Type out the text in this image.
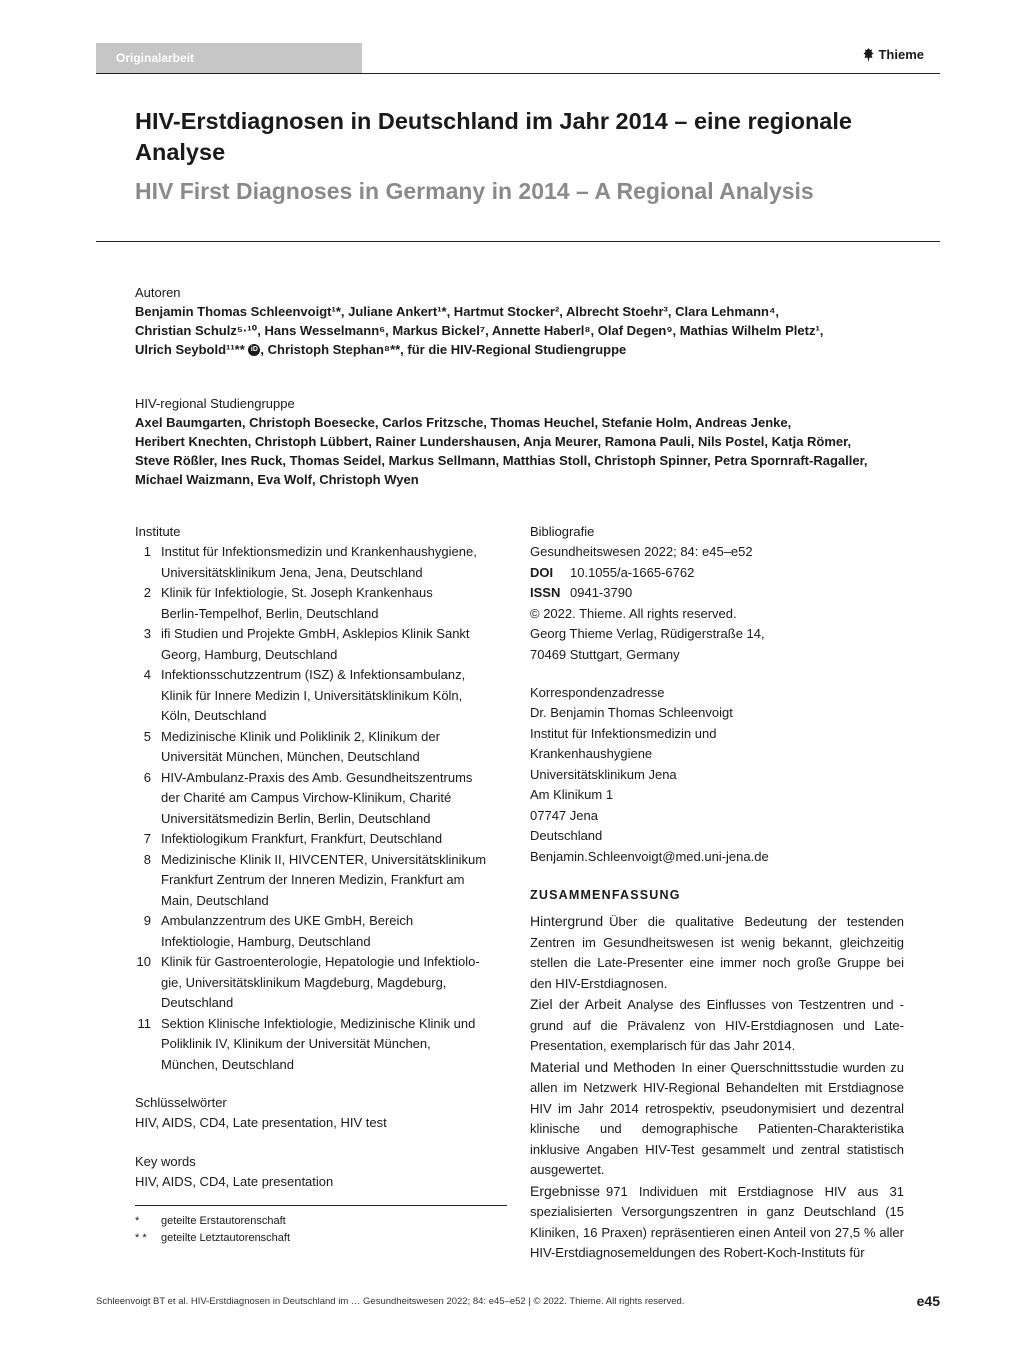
Originalarbeit	Thieme
HIV-Erstdiagnosen in Deutschland im Jahr 2014 – eine regionale Analyse
HIV First Diagnoses in Germany in 2014 – A Regional Analysis
Autoren
Benjamin Thomas Schleenvoigt¹*, Juliane Ankert¹*, Hartmut Stocker², Albrecht Stoehr³, Clara Lehmann⁴,
Christian Schulz⁵·¹⁰, Hans Wesselmann⁶, Markus Bickel⁷, Annette Haberl⁸, Olaf Degen⁹, Mathias Wilhelm Pletz¹,
Ulrich Seybold¹¹** iD , Christoph Stephan⁸**, für die HIV-Regional Studiengruppe
HIV-regional Studiengruppe
Axel Baumgarten, Christoph Boesecke, Carlos Fritzsche, Thomas Heuchel, Stefanie Holm, Andreas Jenke,
Heribert Knechten, Christoph Lübbert, Rainer Lundershausen, Anja Meurer, Ramona Pauli, Nils Postel, Katja Römer,
Steve Rößler, Ines Ruck, Thomas Seidel, Markus Sellmann, Matthias Stoll, Christoph Spinner, Petra Spornraft-Ragaller,
Michael Waizmann, Eva Wolf, Christoph Wyen
Institute
1 Institut für Infektionsmedizin und Krankenhaushygiene,
Universitätsklinikum Jena, Jena, Deutschland
2 Klinik für Infektiologie, St. Joseph Krankenhaus
Berlin-Tempelhof, Berlin, Deutschland
3 ifi Studien und Projekte GmbH, Asklepios Klinik Sankt
Georg, Hamburg, Deutschland
4 Infektionsschutzzentrum (ISZ) & Infektionsambulanz,
Klinik für Innere Medizin I, Universitätsklinikum Köln,
Köln, Deutschland
5 Medizinische Klinik und Poliklinik 2, Klinikum der
Universität München, München, Deutschland
6 HIV-Ambulanz-Praxis des Amb. Gesundheitszentrums
der Charité am Campus Virchow-Klinikum, Charité
Universitätsmedizin Berlin, Berlin, Deutschland
7 Infektiologikum Frankfurt, Frankfurt, Deutschland
8 Medizinische Klinik II, HIVCENTER, Universitätsklinikum
Frankfurt Zentrum der Inneren Medizin, Frankfurt am
Main, Deutschland
9 Ambulanzzentrum des UKE GmbH, Bereich
Infektiologie, Hamburg, Deutschland
10 Klinik für Gastroenterologie, Hepatologie und Infektiolo-
gie, Universitätsklinikum Magdeburg, Magdeburg,
Deutschland
11 Sektion Klinische Infektiologie, Medizinische Klinik und
Poliklinik IV, Klinikum der Universität München,
München, Deutschland
Schlüsselwörter
HIV, AIDS, CD4, Late presentation, HIV test
Key words
HIV, AIDS, CD4, Late presentation
*	geteilte Erstautorenschaft
* *	geteilte Letztautorenschaft
Bibliografie
Gesundheitswesen 2022; 84: e45–e52
DOI 10.1055/a-1665-6762
ISSN 0941-3790
© 2022. Thieme. All rights reserved.
Georg Thieme Verlag, Rüdigerstraße 14,
70469 Stuttgart, Germany
Korrespondenzadresse
Dr. Benjamin Thomas Schleenvoigt
Institut für Infektionsmedizin und
Krankenhaushygiene
Universitätsklinikum Jena
Am Klinikum 1
07747 Jena
Deutschland
Benjamin.Schleenvoigt@med.uni-jena.de
ZUSAMMENFASSUNG

Hintergrund Über die qualitative Bedeutung der testenden Zentren im Gesundheitswesen ist wenig bekannt, gleichzeitig stellen die Late-Presenter eine immer noch große Gruppe bei den HIV-Erstdiagnosen.

Ziel der Arbeit Analyse des Einflusses von Testzentren und -grund auf die Prävalenz von HIV-Erstdiagnosen und Late-Presentation, exemplarisch für das Jahr 2014.

Material und Methoden In einer Querschnittsstudie wurden zu allen im Netzwerk HIV-Regional Behandelten mit Erstdiagnose HIV im Jahr 2014 retrospektiv, pseudonymisiert und dezentral klinische und demographische Patienten-Charakteristika inklusive Angaben HIV-Test gesammelt und zentral statistisch ausgewertet.

Ergebnisse 971 Individuen mit Erstdiagnose HIV aus 31 spezialisierten Versorgungszentren in ganz Deutschland (15 Kliniken, 16 Praxen) repräsentieren einen Anteil von 27,5 % aller HIV-Erstdiagnosemeldungen des Robert-Koch-Instituts für

Schleenvoigt BT et al. HIV-Erstdiagnosen in Deutschland im … Gesundheitswesen 2022; 84: e45–e52 | © 2022. Thieme. All rights reserved.	e45
